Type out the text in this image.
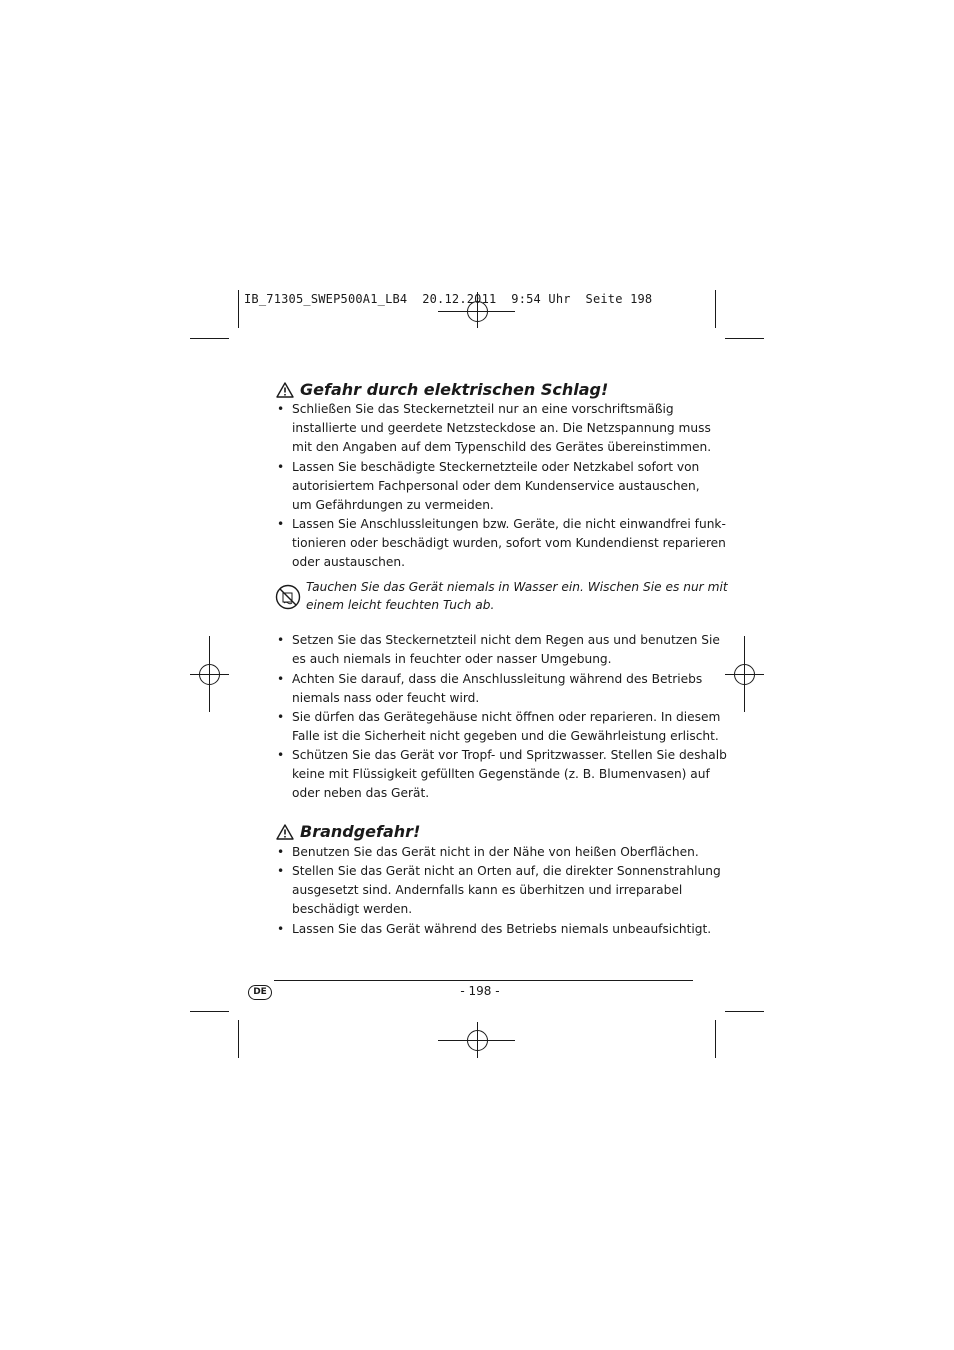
IB_71305_SWEP500A1_LB4  20.12.2011  9:54 Uhr  Seite 198
Gefahr durch elektrischen Schlag!
• Schließen Sie das Steckernetzteil nur an eine vorschriftsmäßig
installierte und geerdete Netzsteckdose an. Die Netzspannung muss
mit den Angaben auf dem Typenschild des Gerätes übereinstimmen.
• Lassen Sie beschädigte Steckernetzteile oder Netzkabel sofort von
autorisiertem Fachpersonal oder dem Kundenservice austauschen,
um Gefährdungen zu vermeiden.
• Lassen Sie Anschlussleitungen bzw. Geräte, die nicht einwandfrei funk-
tionieren oder beschädigt wurden, sofort vom Kundendienst reparieren
oder austauschen.
Tauchen Sie das Gerät niemals in Wasser ein. Wischen Sie es nur mit
einem leicht feuchten Tuch ab.
• Setzen Sie das Steckernetzteil nicht dem Regen aus und benutzen Sie
es auch niemals in feuchter oder nasser Umgebung.
• Achten Sie darauf, dass die Anschlussleitung während des Betriebs
niemals nass oder feucht wird.
• Sie dürfen das Gerätegehäuse nicht öffnen oder reparieren. In diesem
Falle ist die Sicherheit nicht gegeben und die Gewährleistung erlischt.
• Schützen Sie das Gerät vor Tropf- und Spritzwasser. Stellen Sie deshalb
keine mit Flüssigkeit gefüllten Gegenstände (z. B. Blumenvasen) auf
oder neben das Gerät.
Brandgefahr!
• Benutzen Sie das Gerät nicht in der Nähe von heißen Oberflächen.
• Stellen Sie das Gerät nicht an Orten auf, die direkter Sonnenstrahlung
ausgesetzt sind. Andernfalls kann es überhitzen und irreparabel
beschädigt werden.
• Lassen Sie das Gerät während des Betriebs niemals unbeaufsichtigt.
DE	- 198 -
